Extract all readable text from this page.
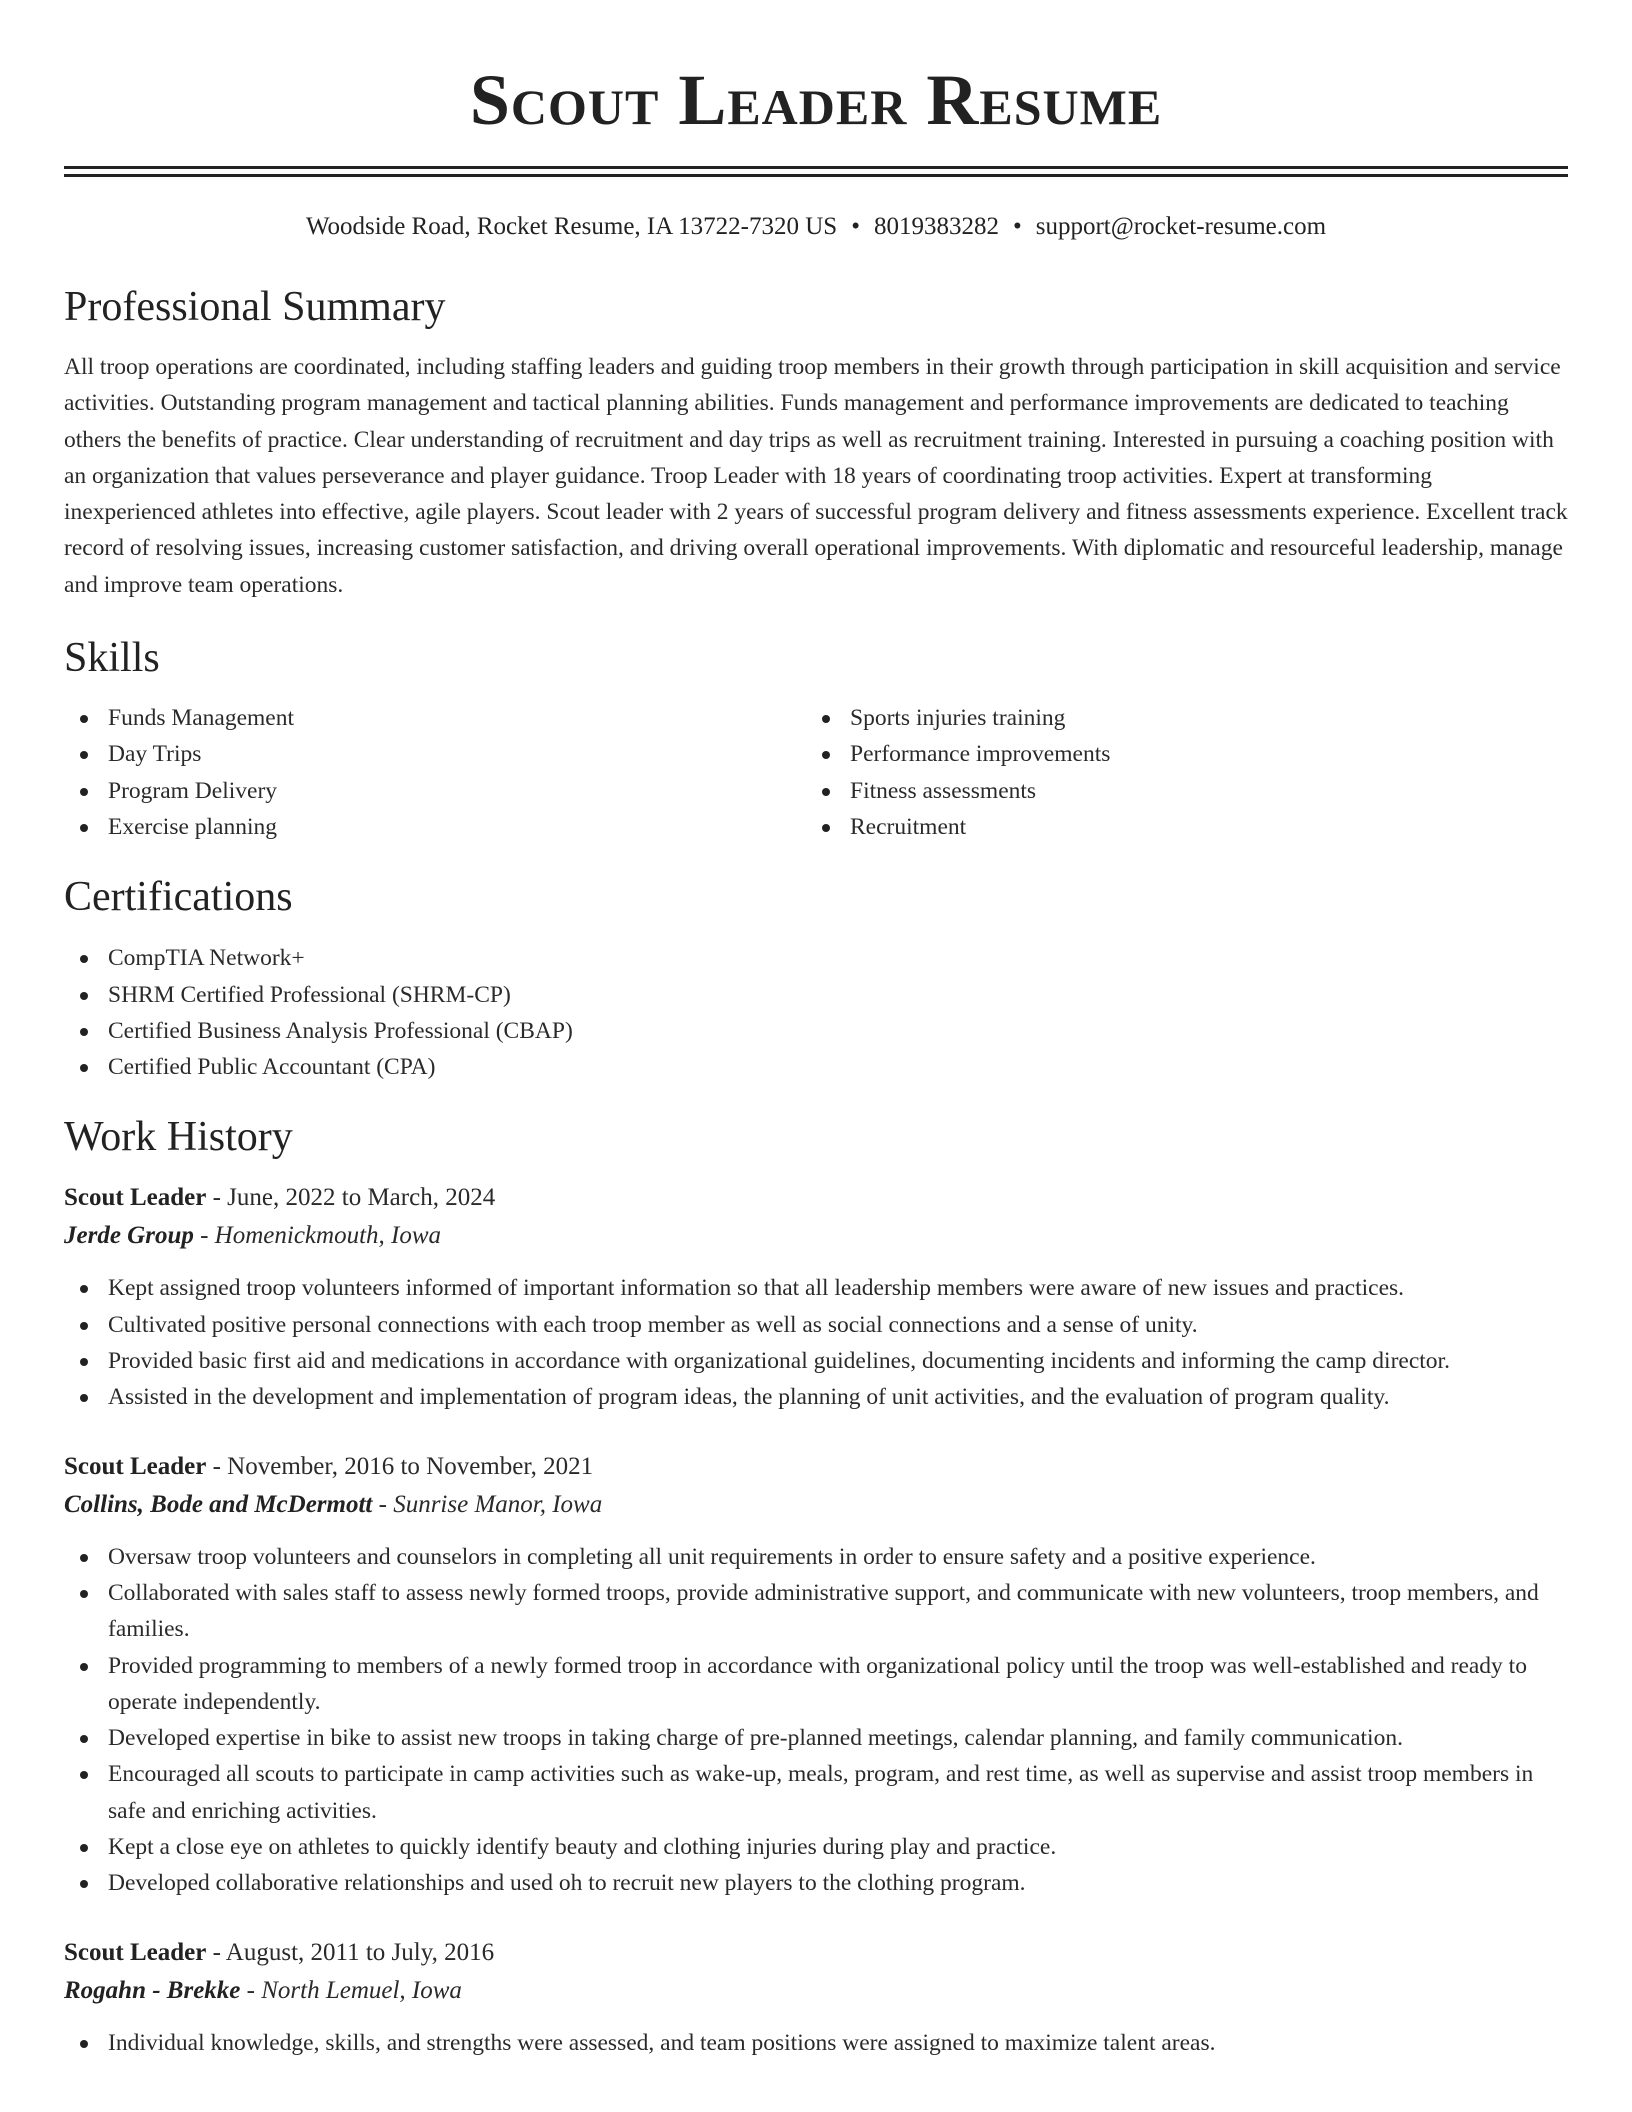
Scout Leader Resume
Woodside Road, Rocket Resume, IA 13722-7320 US • 8019383282 • support@rocket-resume.com
Professional Summary

All troop operations are coordinated, including staffing leaders and guiding troop members in their growth through participation in skill acquisition and service activities. Outstanding program management and tactical planning abilities. Funds management and performance improvements are dedicated to teaching others the benefits of practice. Clear understanding of recruitment and day trips as well as recruitment training. Interested in pursuing a coaching position with an organization that values perseverance and player guidance. Troop Leader with 18 years of coordinating troop activities. Expert at transforming inexperienced athletes into effective, agile players. Scout leader with 2 years of successful program delivery and fitness assessments experience. Excellent track record of resolving issues, increasing customer satisfaction, and driving overall operational improvements. With diplomatic and resourceful leadership, manage and improve team operations.

Skills
Funds Management
Day Trips
Program Delivery
Exercise planning
Sports injuries training
Performance improvements
Fitness assessments
Recruitment
Certifications
CompTIA Network+
SHRM Certified Professional (SHRM-CP)
Certified Business Analysis Professional (CBAP)
Certified Public Accountant (CPA)
Work History
Scout Leader - June, 2022 to March, 2024
Jerde Group - Homenickmouth, Iowa
Kept assigned troop volunteers informed of important information so that all leadership members were aware of new issues and practices.
Cultivated positive personal connections with each troop member as well as social connections and a sense of unity.
Provided basic first aid and medications in accordance with organizational guidelines, documenting incidents and informing the camp director.
Assisted in the development and implementation of program ideas, the planning of unit activities, and the evaluation of program quality.
Scout Leader - November, 2016 to November, 2021
Collins, Bode and McDermott - Sunrise Manor, Iowa
Oversaw troop volunteers and counselors in completing all unit requirements in order to ensure safety and a positive experience.
Collaborated with sales staff to assess newly formed troops, provide administrative support, and communicate with new volunteers, troop members, and families.
Provided programming to members of a newly formed troop in accordance with organizational policy until the troop was well-established and ready to operate independently.
Developed expertise in bike to assist new troops in taking charge of pre-planned meetings, calendar planning, and family communication.
Encouraged all scouts to participate in camp activities such as wake-up, meals, program, and rest time, as well as supervise and assist troop members in safe and enriching activities.
Kept a close eye on athletes to quickly identify beauty and clothing injuries during play and practice.
Developed collaborative relationships and used oh to recruit new players to the clothing program.
Scout Leader - August, 2011 to July, 2016
Rogahn - Brekke - North Lemuel, Iowa
Individual knowledge, skills, and strengths were assessed, and team positions were assigned to maximize talent areas.
